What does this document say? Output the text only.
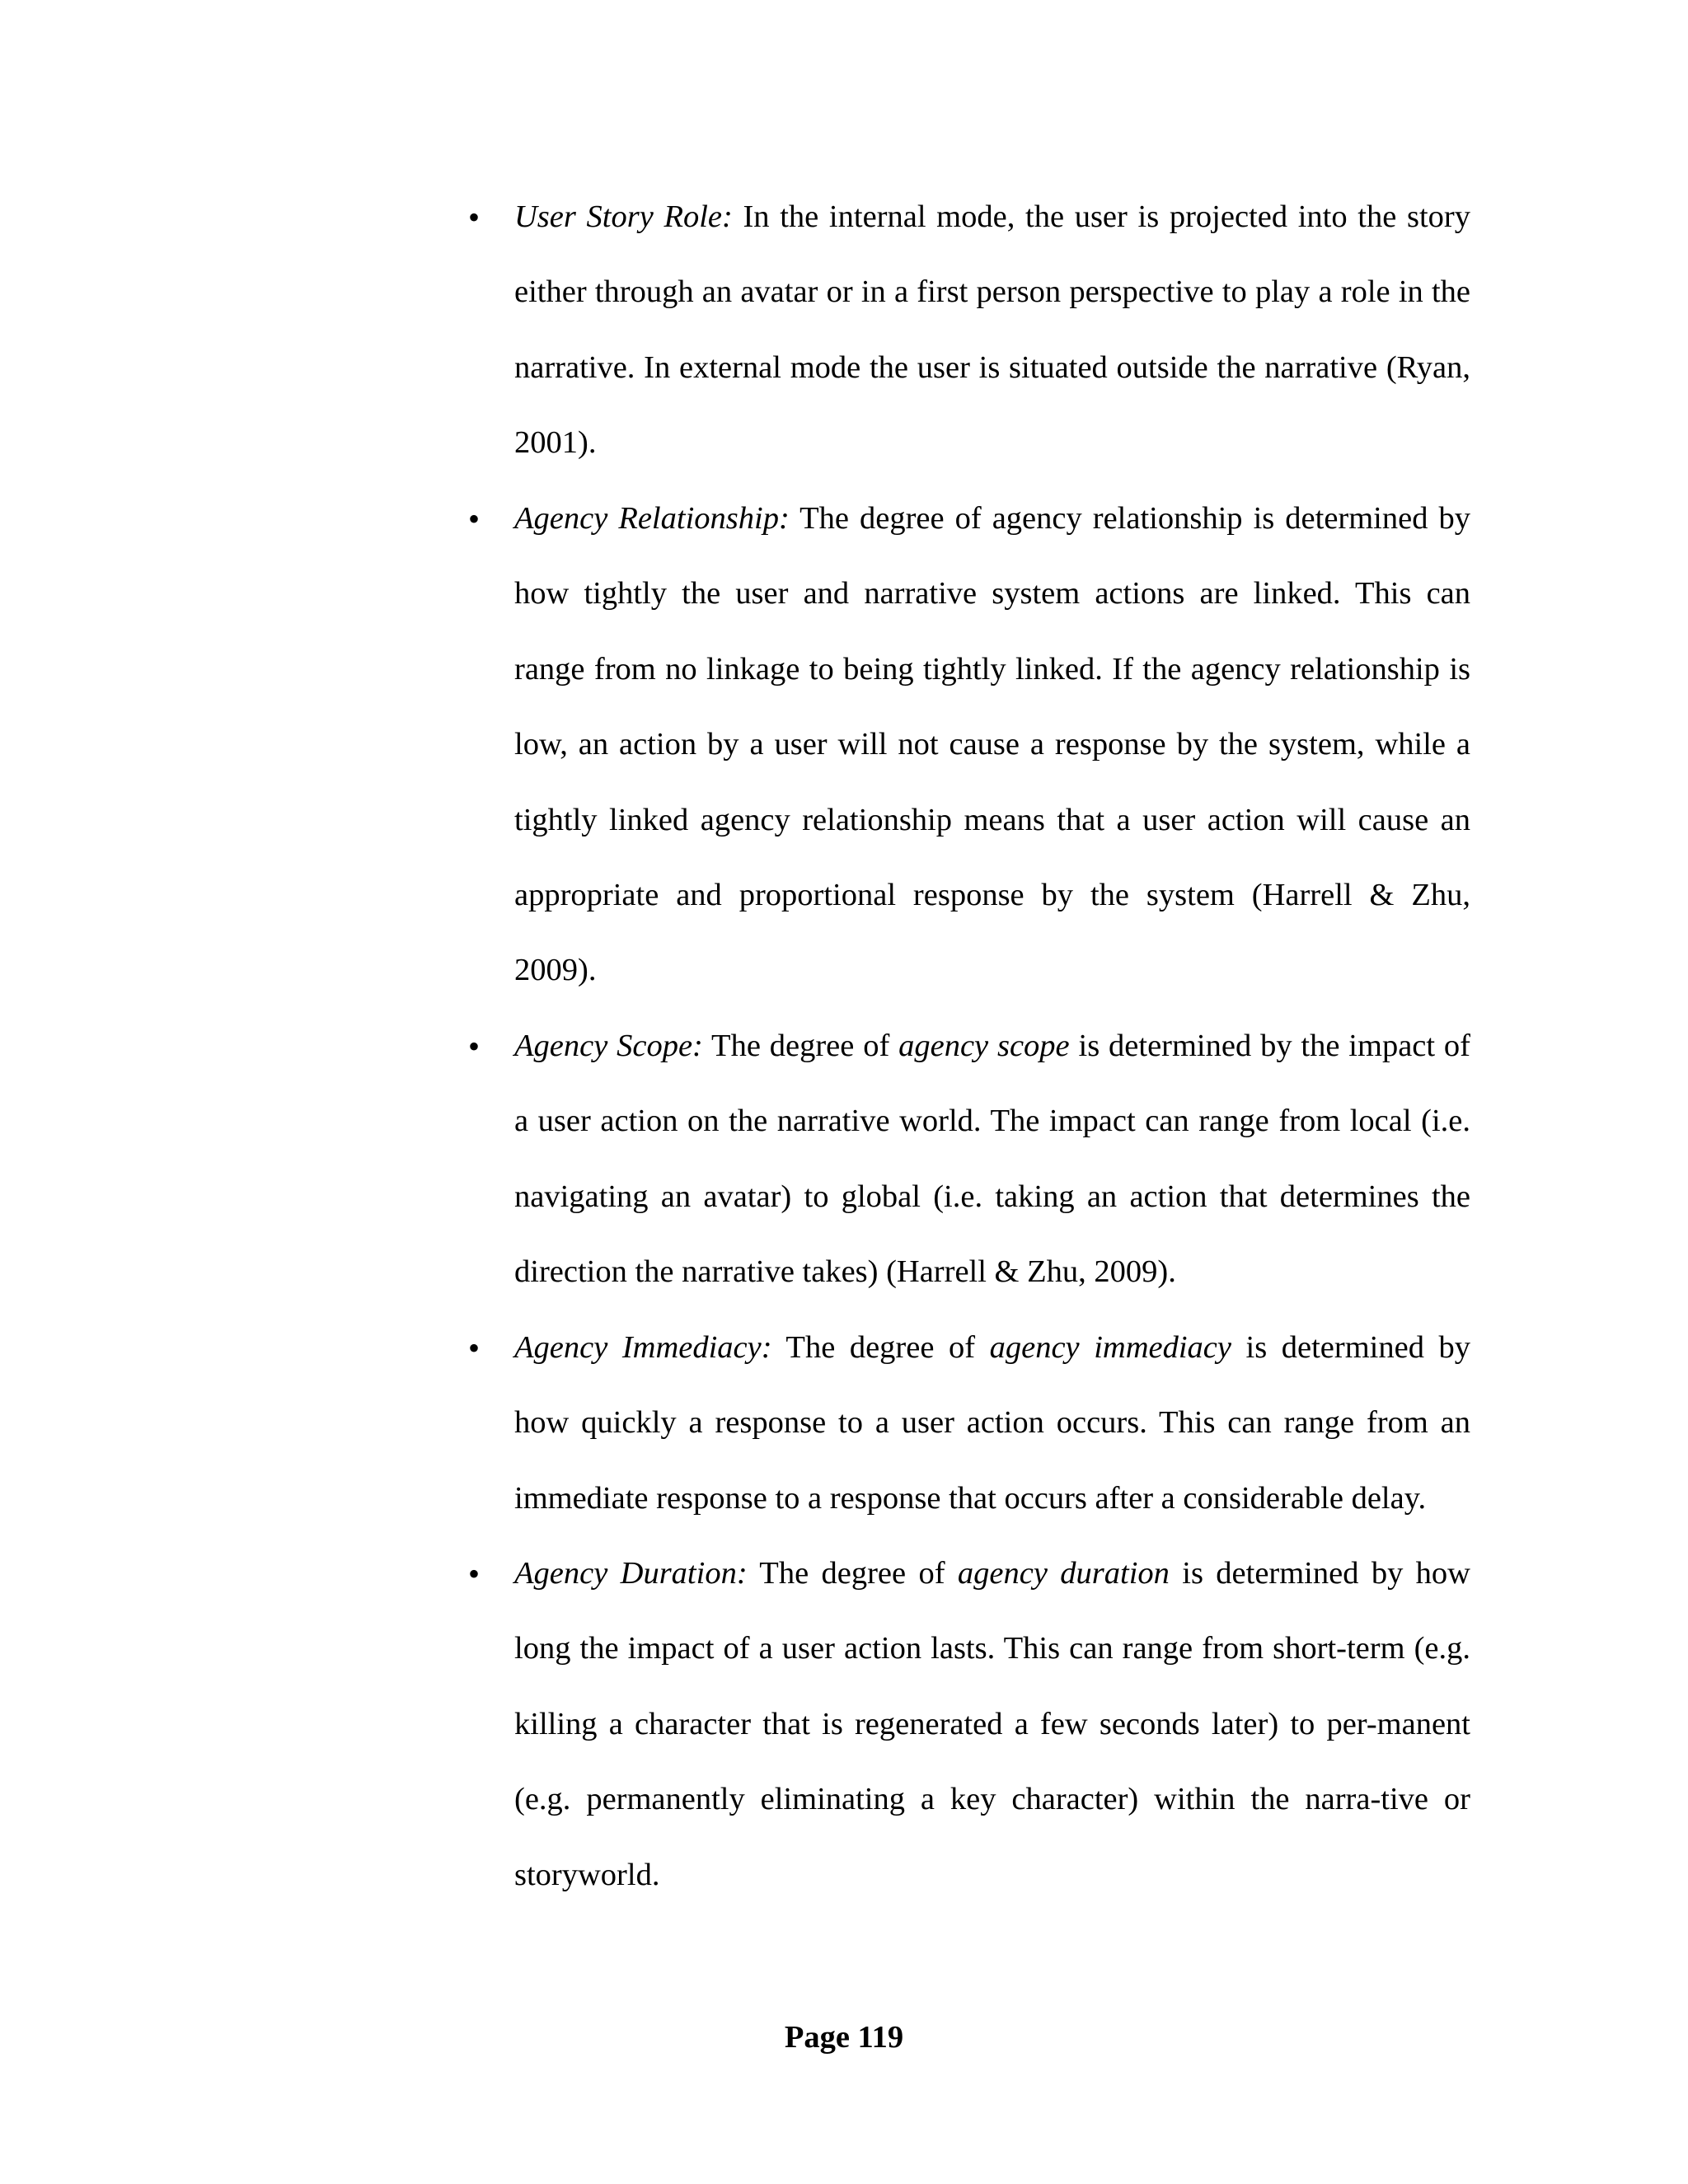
• User Story Role: In the internal mode, the user is projected into the story either through an avatar or in a first person perspective to play a role in the narrative. In external mode the user is situated outside the narrative (Ryan, 2001).
• Agency Relationship: The degree of agency relationship is determined by how tightly the user and narrative system actions are linked. This can range from no linkage to being tightly linked. If the agency relationship is low, an action by a user will not cause a response by the system, while a tightly linked agency relationship means that a user action will cause an appropriate and proportional response by the system (Harrell & Zhu, 2009).
• Agency Scope: The degree of agency scope is determined by the impact of a user action on the narrative world. The impact can range from local (i.e. navigating an avatar) to global (i.e. taking an action that determines the direction the narrative takes) (Harrell & Zhu, 2009).
• Agency Immediacy: The degree of agency immediacy is determined by how quickly a response to a user action occurs. This can range from an immediate response to a response that occurs after a considerable delay.
• Agency Duration: The degree of agency duration is determined by how long the impact of a user action lasts. This can range from short-term (e.g. killing a character that is regenerated a few seconds later) to per-manent (e.g. permanently eliminating a key character) within the narra-tive or storyworld.
Page 119
